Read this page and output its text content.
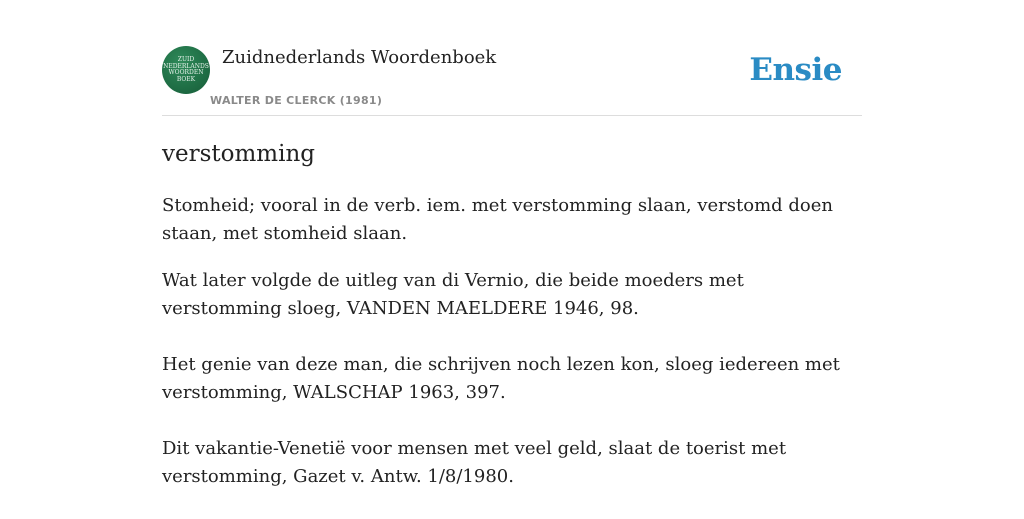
ZUID
NEDERLANDS
WOORDEN
BOEK
Zuidnederlands Woordenboek
WALTER DE CLERCK (1981)
Ensie
verstomming

Stomheid; vooral in de verb. iem. met verstomming slaan, verstomd doen staan, met stomheid slaan.

Wat later volgde de uitleg van di Vernio, die beide moeders met verstomming sloeg, VANDEN MAELDERE 1946, 98.
Het genie van deze man, die schrijven noch lezen kon, sloeg iedereen met verstomming, WALSCHAP 1963, 397.
Dit vakantie-Venetië voor mensen met veel geld, slaat de toerist met verstomming, Gazet v. Antw. 1/8/1980.
